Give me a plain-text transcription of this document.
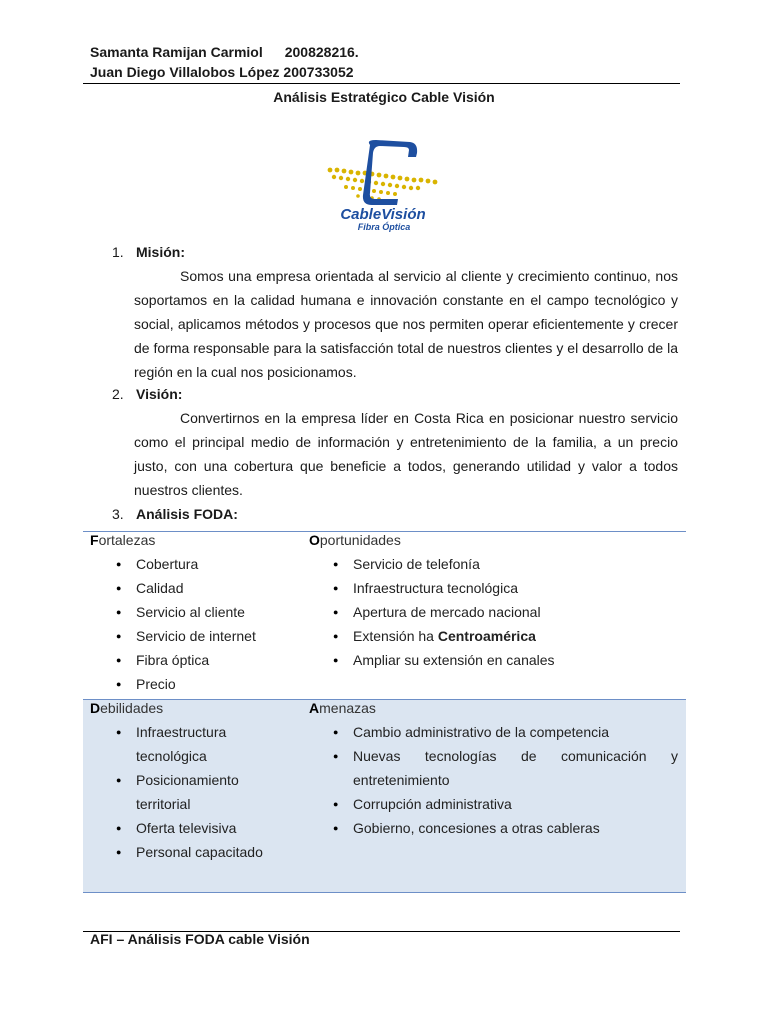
Samanta Ramijan Carmiol 200828216.
Juan Diego Villalobos López 200733052
Análisis Estratégico Cable Visión
CableVisión
Fibra Óptica
1. Misión:
Somos una empresa orientada al servicio al cliente y crecimiento continuo, nos soportamos en la calidad humana e innovación constante en el campo tecnológico y social, aplicamos métodos y procesos que nos permiten operar eficientemente y crecer de forma responsable para la satisfacción total de nuestros clientes y el desarrollo de la región en la cual nos posicionamos.
2. Visión:
Convertirnos en la empresa líder en Costa Rica en posicionar nuestro servicio como el principal medio de información y entretenimiento de la familia, a un precio justo, con una cobertura que beneficie a todos, generando utilidad y valor a todos nuestros clientes.
3. Análisis FODA:
Fortalezas
● Cobertura
● Calidad
● Servicio al cliente
● Servicio de internet
● Fibra óptica
● Precio
Oportunidades
● Servicio de telefonía
● Infraestructura tecnológica
● Apertura de mercado nacional
● Extensión ha Centroamérica
● Ampliar su extensión en canales
Debilidades
● Infraestructura tecnológica
● Posicionamiento territorial
● Oferta televisiva
● Personal capacitado
Amenazas
● Cambio administrativo de la competencia
● Nuevas tecnologías de comunicación y entretenimiento
● Corrupción administrativa
● Gobierno, concesiones a otras cableras
AFI – Análisis FODA cable Visión
